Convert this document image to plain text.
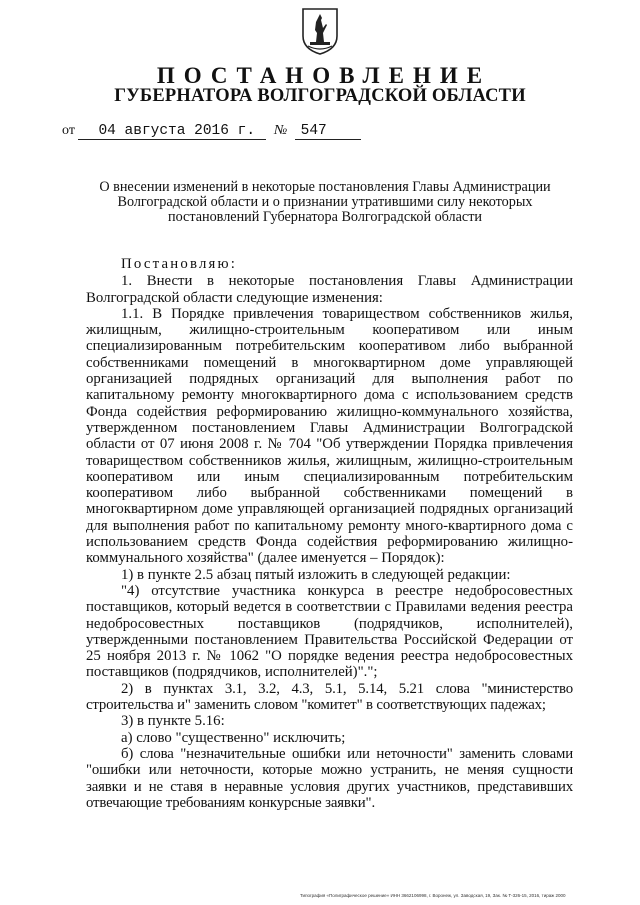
ПОСТАНОВЛЕНИЕ
ГУБЕРНАТОРА ВОЛГОГРАДСКОЙ ОБЛАСТИ
от 04 августа 2016 г. № 547
О внесении изменений в некоторые постановления Главы Администрации
Волгоградской области и о признании утратившими силу некоторых
постановлений Губернатора Волгоградской области

Постановляю:

1. Внести в некоторые постановления Главы Администрации Волгоградской области следующие изменения:

1.1. В Порядке привлечения товариществом собственников жилья, жилищным, жилищно-строительным кооперативом или иным специализированным потребительским кооперативом либо выбранной собственниками помещений в многоквартирном доме управляющей организацией подрядных организаций для выполнения работ по капитальному ремонту многоквартирного дома с использованием средств Фонда содействия реформированию жилищно-коммунального хозяйства, утвержденном постановлением Главы Администрации Волгоградской области от 07 июня 2008 г. № 704 "Об утверждении Порядка привлечения товариществом собственников жилья, жилищным, жилищно-строительным кооперативом или иным специализированным потребительским кооперативом либо выбранной собственниками помещений в многоквартирном доме управляющей организацией подрядных организаций для выполнения работ по капитальному ремонту много-квартирного дома с использованием средств Фонда содействия реформированию жилищно-коммунального хозяйства" (далее именуется – Порядок):

1) в пункте 2.5 абзац пятый изложить в следующей редакции:

"4) отсутствие участника конкурса в реестре недобросовестных поставщиков, который ведется в соответствии с Правилами ведения реестра недобросовестных поставщиков (подрядчиков, исполнителей), утвержденными постановлением Правительства Российской Федерации от 25 ноября 2013 г. № 1062 "О порядке ведения реестра недобросовестных поставщиков (подрядчиков, исполнителей)".";

2) в пунктах 3.1, 3.2, 4.3, 5.1, 5.14, 5.21 слова "министерство строительства и" заменить словом "комитет" в соответствующих падежах;

3) в пункте 5.16:

а) слово "существенно" исключить;

б) слова "незначительные ошибки или неточности" заменить словами "ошибки или неточности, которые можно устранить, не меняя сущности заявки и не ставя в неравные условия других участников, представивших отвечающие требованиям конкурсные заявки".

Типография «Полиграфическое решение» ИНН 3662106998, г. Воронеж, ул. Заводская, 19, Зак. № Т-326-15, 2016, тираж 2000
